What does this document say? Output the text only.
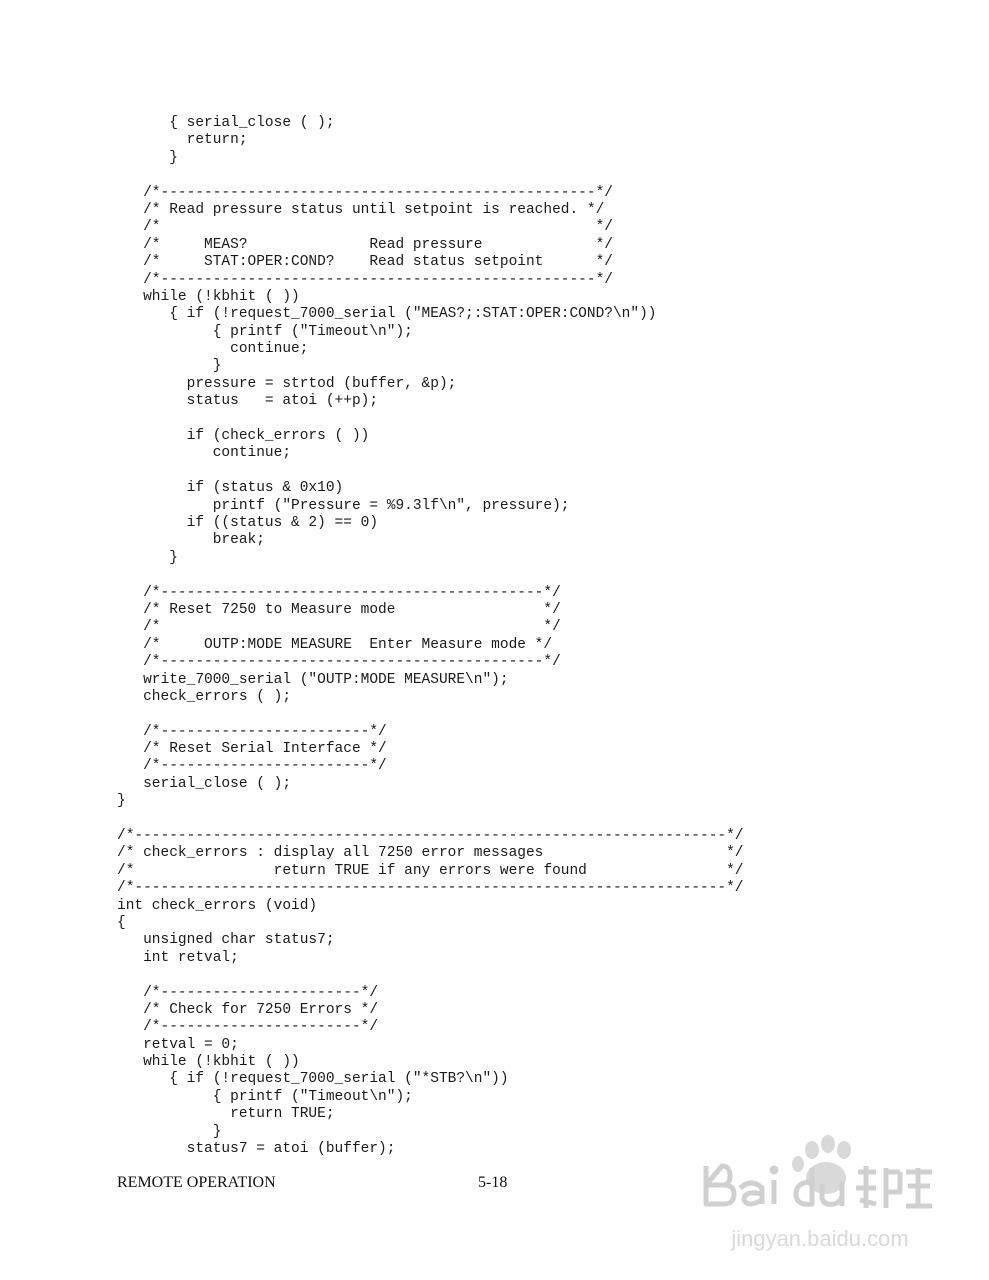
{ serial_close ( );
return;
}

/*--------------------------------------------------*/
/* Read pressure status until setpoint is reached. */
/*                                                  */
/*     MEAS?              Read pressure             */
/*     STAT:OPER:COND?    Read status setpoint      */
/*--------------------------------------------------*/
while (!kbhit ( ))
{ if (!request_7000_serial ("MEAS?;:STAT:OPER:COND?\n"))
{ printf ("Timeout\n");
continue;
}
pressure = strtod (buffer, &p);
status   = atoi (++p);

if (check_errors ( ))
continue;

if (status & 0x10)
printf ("Pressure = %9.3lf\n", pressure);
if ((status & 2) == 0)
break;
}

/*--------------------------------------------*/
/* Reset 7250 to Measure mode                 */
/*                                            */
/*     OUTP:MODE MEASURE  Enter Measure mode */
/*--------------------------------------------*/
write_7000_serial ("OUTP:MODE MEASURE\n");
check_errors ( );

/*------------------------*/
/* Reset Serial Interface */
/*------------------------*/
serial_close ( );
}

/*--------------------------------------------------------------------*/
/* check_errors : display all 7250 error messages                     */
/*                return TRUE if any errors were found                */
/*--------------------------------------------------------------------*/
int check_errors (void)
{
unsigned char status7;
int retval;

/*-----------------------*/
/* Check for 7250 Errors */
/*-----------------------*/
retval = 0;
while (!kbhit ( ))
{ if (!request_7000_serial ("*STB?\n"))
{ printf ("Timeout\n");
return TRUE;
}
status7 = atoi (buffer);
REMOTE OPERATION	5-18
jingyan.baidu.com
